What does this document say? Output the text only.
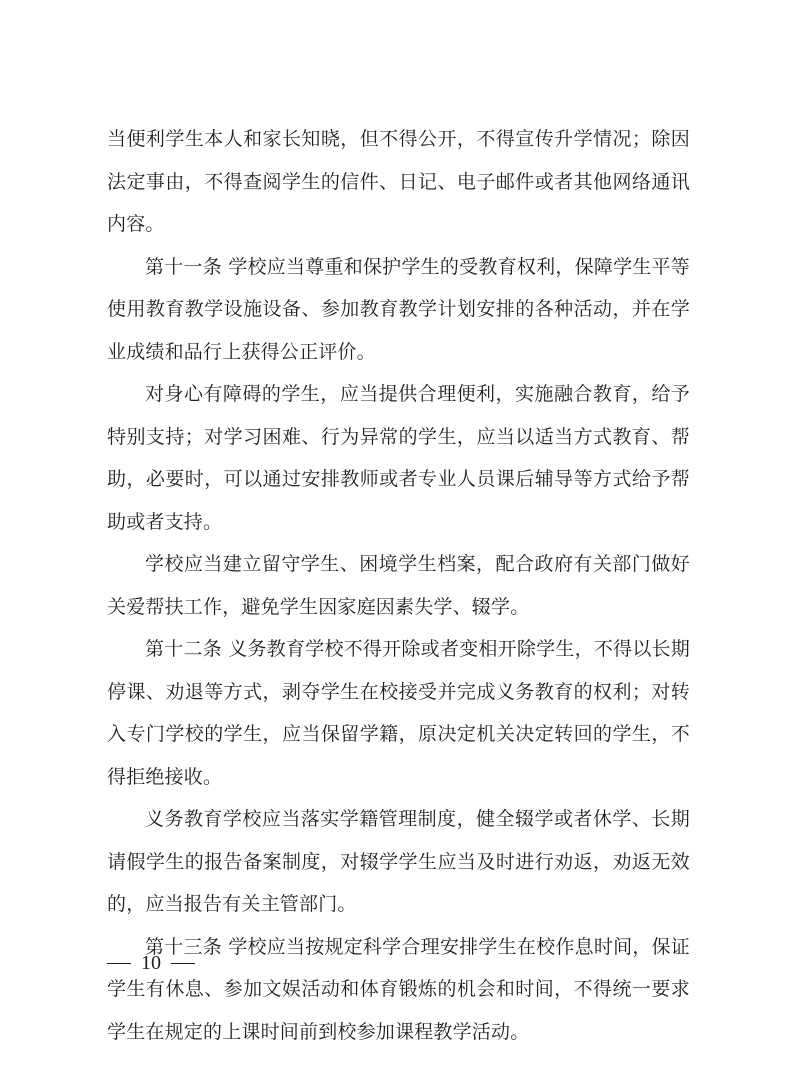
当便利学生本人和家长知晓，但不得公开，不得宣传升学情况；除因法定事由，不得查阅学生的信件、日记、电子邮件或者其他网络通讯内容。

第十一条 学校应当尊重和保护学生的受教育权利，保障学生平等使用教育教学设施设备、参加教育教学计划安排的各种活动，并在学业成绩和品行上获得公正评价。

对身心有障碍的学生，应当提供合理便利，实施融合教育，给予特别支持；对学习困难、行为异常的学生，应当以适当方式教育、帮助，必要时，可以通过安排教师或者专业人员课后辅导等方式给予帮助或者支持。

学校应当建立留守学生、困境学生档案，配合政府有关部门做好关爱帮扶工作，避免学生因家庭因素失学、辍学。

第十二条 义务教育学校不得开除或者变相开除学生，不得以长期停课、劝退等方式，剥夺学生在校接受并完成义务教育的权利；对转入专门学校的学生，应当保留学籍，原决定机关决定转回的学生，不得拒绝接收。

义务教育学校应当落实学籍管理制度，健全辍学或者休学、长期请假学生的报告备案制度，对辍学学生应当及时进行劝返，劝返无效的，应当报告有关主管部门。

第十三条 学校应当按规定科学合理安排学生在校作息时间，保证学生有休息、参加文娱活动和体育锻炼的机会和时间，不得统一要求学生在规定的上课时间前到校参加课程教学活动。

10
